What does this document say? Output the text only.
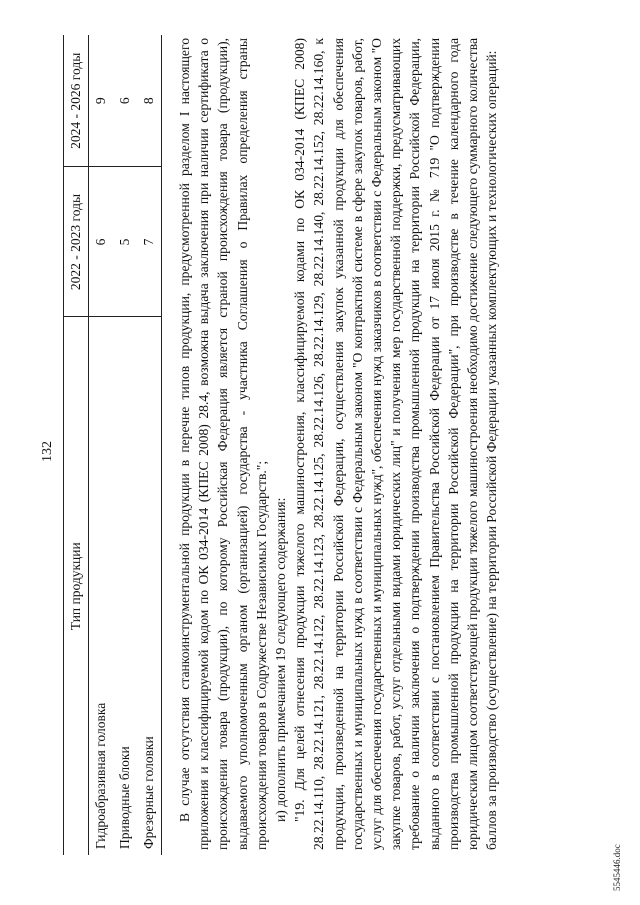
132
Тип продукции	2022 - 2023 годы	2024 - 2026 годы
Гидроабразивная головка	6	9
Приводные блоки	5	6
Фрезерные головки	7	8 В случае отсутствия станкоинструментальной продукции в перечне типов продукции, предусмотренной разделом I настоящего приложения и классифицируемой кодом по ОК 034-2014 (КПЕС 2008) 28.4, возможна выдача заключения при наличии сертификата о происхождении товара (продукции), по которому Российская Федерация является страной происхождения товара (продукции), выдаваемого уполномоченным органом (организацией) государства - участника Соглашения о Правилах определения страны происхождения товаров в Содружестве Независимых Государств."; и) дополнить примечанием 19 следующего содержания: "19. Для целей отнесения продукции тяжелого машиностроения, классифицируемой кодами по ОК 034-2014 (КПЕС 2008) 28.22.14.110, 28.22.14.121, 28.22.14.122, 28.22.14.123, 28.22.14.125, 28.22.14.126, 28.22.14.129, 28.22.14.140, 28.22.14.152, 28.22.14.160, к продукции, произведенной на территории Российской Федерации, осуществления закупок указанной продукции для обеспечения государственных и муниципальных нужд в соответствии с Федеральным законом "О контрактной системе в сфере закупок товаров, работ, услуг для обеспечения государственных и муниципальных нужд", обеспечения нужд заказчиков в соответствии с Федеральным законом "О закупке товаров, работ, услуг отдельными видами юридических лиц" и получения мер государственной поддержки, предусматривающих требование о наличии заключения о подтверждении производства промышленной продукции на территории Российской Федерации, выданного в соответствии с постановлением Правительства Российской Федерации от 17 июля 2015 г. № 719 "О подтверждении производства промышленной продукции на территории Российской Федерации", при производстве в течение календарного года юридическим лицом соответствующей продукции тяжелого машиностроения необходимо достижение следующего суммарного количества баллов за производство (осуществление) на территории Российской Федерации указанных комплектующих и технологических операций:

5545446.doc
